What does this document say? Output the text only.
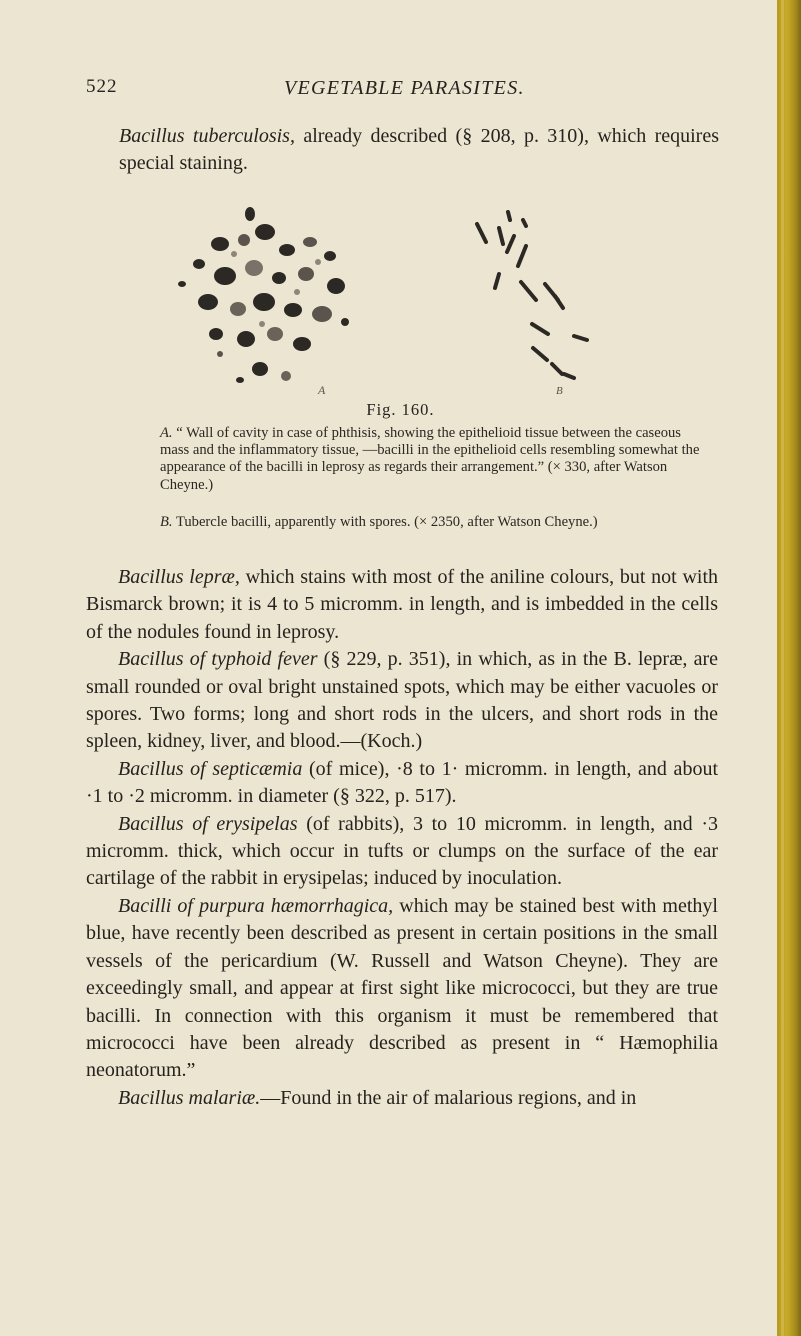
522	VEGETABLE PARASITES.

Bacillus tuberculosis, already described (§ 208, p. 310), which requires special staining.

A	B
Fig. 160.

A. “ Wall of cavity in case of phthisis, showing the epithelioid tissue between the caseous mass and the inflammatory tissue, —bacilli in the epithelioid cells resembling somewhat the appearance of the bacilli in leprosy as regards their arrangement.” (× 330, after Watson Cheyne.)

B. Tubercle bacilli, apparently with spores. (× 2350, after Watson Cheyne.)

Bacillus lepræ, which stains with most of the aniline colours, but not with Bismarck brown; it is 4 to 5 micromm. in length, and is imbedded in the cells of the nodules found in leprosy.

Bacillus of typhoid fever (§ 229, p. 351), in which, as in the B. lepræ, are small rounded or oval bright unstained spots, which may be either vacuoles or spores. Two forms; long and short rods in the ulcers, and short rods in the spleen, kidney, liver, and blood.—(Koch.)

Bacillus of septicæmia (of mice), ·8 to 1· micromm. in length, and about ·1 to ·2 micromm. in diameter (§ 322, p. 517).

Bacillus of erysipelas (of rabbits), 3 to 10 micromm. in length, and ·3 micromm. thick, which occur in tufts or clumps on the surface of the ear cartilage of the rabbit in erysipelas; induced by inoculation.

Bacilli of purpura hæmorrhagica, which may be stained best with methyl blue, have recently been described as present in certain positions in the small vessels of the pericardium (W. Russell and Watson Cheyne). They are exceedingly small, and appear at first sight like micrococci, but they are true bacilli. In connection with this organism it must be remembered that micrococci have been already described as present in “ Hæmophilia neonatorum.”

Bacillus malariæ.—Found in the air of malarious regions, and in
